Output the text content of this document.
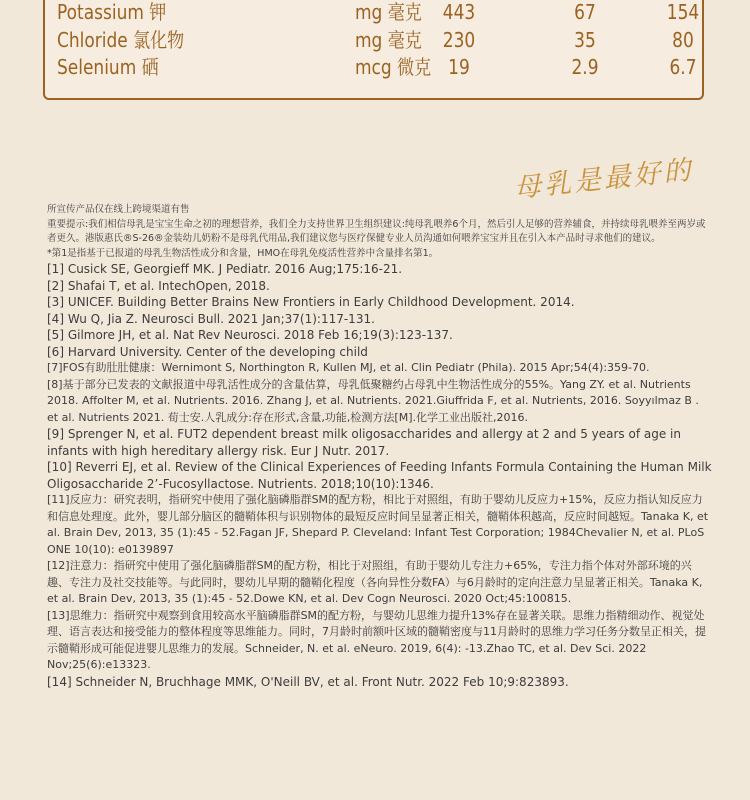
Potassium 钾	mg 毫克	443	67	154
Chloride 氯化物	mg 毫克	230	35	80
Selenium 硒	mcg 微克 19	2.9	6.7
母乳是最好的

所宣传产品仅在线上跨境渠道有售

重要提示:我们相信母乳是宝宝生命之初的理想营养，我们全力支持世界卫生组织建议:纯母乳喂养6个月，然后引人足够的营养辅食，并持续母乳喂养至两岁或者更久。港版惠氏®S-26®金装幼儿奶粉不是母乳代用品,我们建议您与医疗保健专业人员沟通如何喂养宝宝并且在引入本产品时寻求他们的建议。

*第1是指基于已报道的母乳生物活性成分和含量，HMO在母乳免疫活性营养中含量排名第1。

[1] Cusick SE, Georgieff MK. J Pediatr. 2016 Aug;175:16-21.

[2] Shafai T, et al. IntechOpen, 2018.

[3] UNICEF. Building Better Brains New Frontiers in Early Childhood Development. 2014.

[4] Wu Q, Jia Z. Neurosci Bull. 2021 Jan;37(1):117-131.

[5] Gilmore JH, et al. Nat Rev Neurosci. 2018 Feb 16;19(3):123-137.

[6] Harvard University. Center of the developing child

[7]FOS有助肚肚健康：Wernimont S, Northington R, Kullen MJ, et al. Clin Pediatr (Phila). 2015 Apr;54(4):359-70.

[8]基于部分已发表的文献报道中母乳活性成分的含量估算，母乳低聚糖约占母乳中生物活性成分的55%。Yang ZY. et al. Nutrients 2018. Affolter M, et al. Nutrients. 2016. Zhang J, et al. Nutrients. 2021.Giuffrida F, et al. Nutrients, 2016. Soyyılmaz B . et al. Nutrients 2021. 荀士安.人乳成分:存在形式,含量,功能,检测方法[M].化学工业出版社,2016.

[9] Sprenger N, et al. FUT2 dependent breast milk oligosaccharides and allergy at 2 and 5 years of age in infants with high hereditary allergy risk. Eur J Nutr. 2017.

[10] Reverri EJ, et al. Review of the Clinical Experiences of Feeding Infants Formula Containing the Human Milk Oligosaccharide 2’-Fucosyllactose. Nutrients. 2018;10(10):1346.

[11]反应力：研究表明，指研究中使用了强化脑磷脂群SM的配方粉，相比于对照组，有助于婴幼儿反应力+15%，反应力指认知反应力和信息处理度。此外，婴儿部分脑区的髓鞘体积与识别物体的最短反应时间呈显著正相关，髓鞘体积越高，反应时间越短。Tanaka K, et al. Brain Dev, 2013, 35 (1):45 - 52.Fagan JF, Shepard P. Cleveland: Infant Test Corporation; 1984Chevalier N, et al. PLoS ONE 10(10): e0139897

[12]注意力：指研究中使用了强化脑磷脂群SM的配方粉，相比于对照组，有助于婴幼儿专注力+65%，专注力指个体对外部环境的兴趣、专注力及社交技能等。与此同时，婴幼儿早期的髓鞘化程度（各向异性分数FA）与6月龄时的定向注意力呈显著正相关。Tanaka K, et al. Brain Dev, 2013, 35 (1):45 - 52.Dowe KN, et al. Dev Cogn Neurosci. 2020 Oct;45:100815.

[13]思维力：指研究中观察到食用较高水平脑磷脂群SM的配方粉，与婴幼儿思维力提升13%存在显著关联。思维力指精细动作、视觉处理、语言表达和接受能力的整体程度等思维能力。同时，7月龄时前额叶区域的髓鞘密度与11月龄时的思维力学习任务分数呈正相关，提示髓鞘形成可能促进婴儿思维力的发展。Schneider, N. et al. eNeuro. 2019, 6(4): -13.Zhao TC, et al. Dev Sci. 2022 Nov;25(6):e13323.

[14] Schneider N, Bruchhage MMK, O'Neill BV, et al. Front Nutr. 2022 Feb 10;9:823893.
